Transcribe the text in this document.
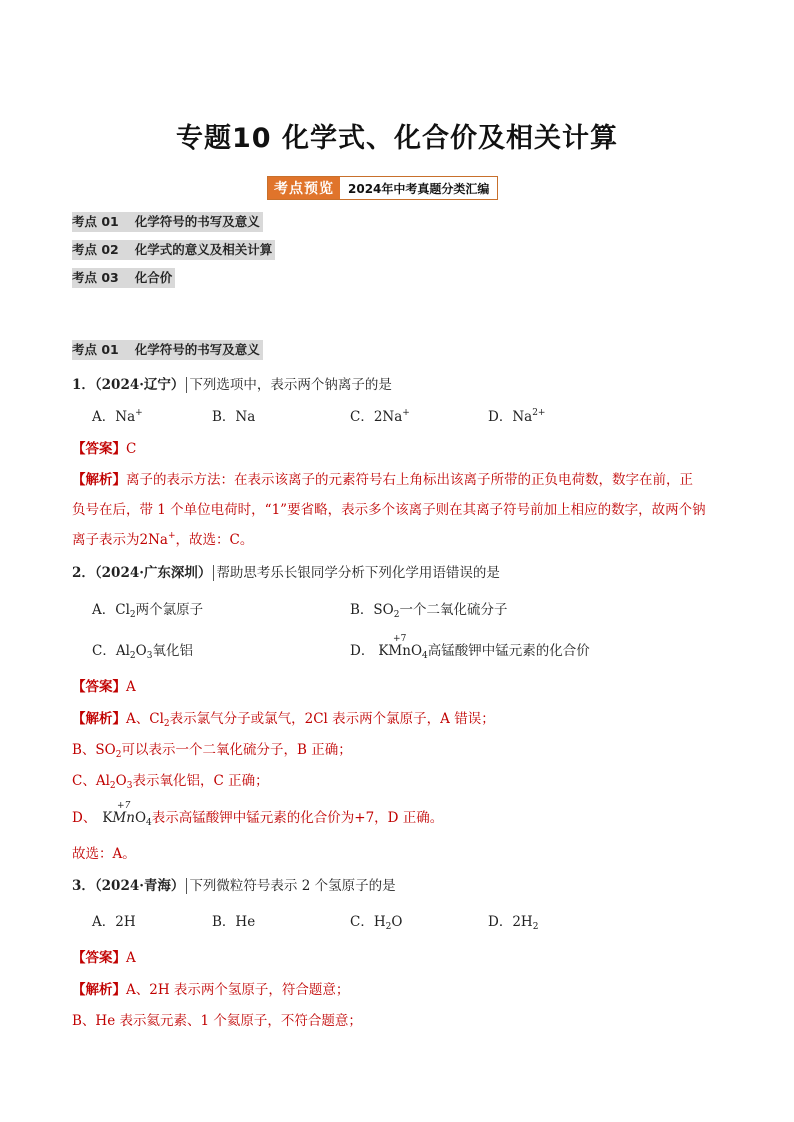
专题10 化学式、化合价及相关计算
考点预览	2024年中考真题分类汇编
考点 01 化学符号的书写及意义
考点 02 化学式的意义及相关计算
考点 03 化合价
考点 01 化学符号的书写及意义
1．（2024·辽宁） 下列选项中，表示两个钠离子的是
A．Na+	B．Na	C．2Na+	D．$Na^{2+}$
【答案】C
【解析】离子的表示方法：在表示该离子的元素符号右上角标出该离子所带的正负电荷数，数字在前，正
负号在后，带 1 个单位电荷时，“1”要省略，表示多个该离子则在其离子符号前加上相应的数字，故两个钠
离子表示为2Na+，故选：C。
2．（2024·广东深圳） 帮助思考乐长银同学分析下列化学用语错误的是
A．$Cl_2$两个氯原子	B．$SO_2$一个二氧化硫分子
C．$Al_2O_3$氧化铝	D． K
+7
MnO$_4$高锰酸钾中锰元素的化合价
【答案】A
【解析】A、$Cl_2$表示氯气分子或氯气，2Cl 表示两个氯原子，A 错误；
B、$SO_2$可以表示一个二氧化硫分子，B 正确；
C、$Al_2O_3$表示氧化铝，C 正确；
D、 K
+7
MnO$_4$表示高锰酸钾中锰元素的化合价为+7，D 正确。
故选：A。
3．（2024·青海） 下列微粒符号表示 2 个氢原子的是
A．2H	B．He	C．$H_2O$	D．$2H_2$
【答案】A
【解析】A、2H 表示两个氢原子，符合题意；
B、He 表示氦元素、1 个氦原子，不符合题意；
